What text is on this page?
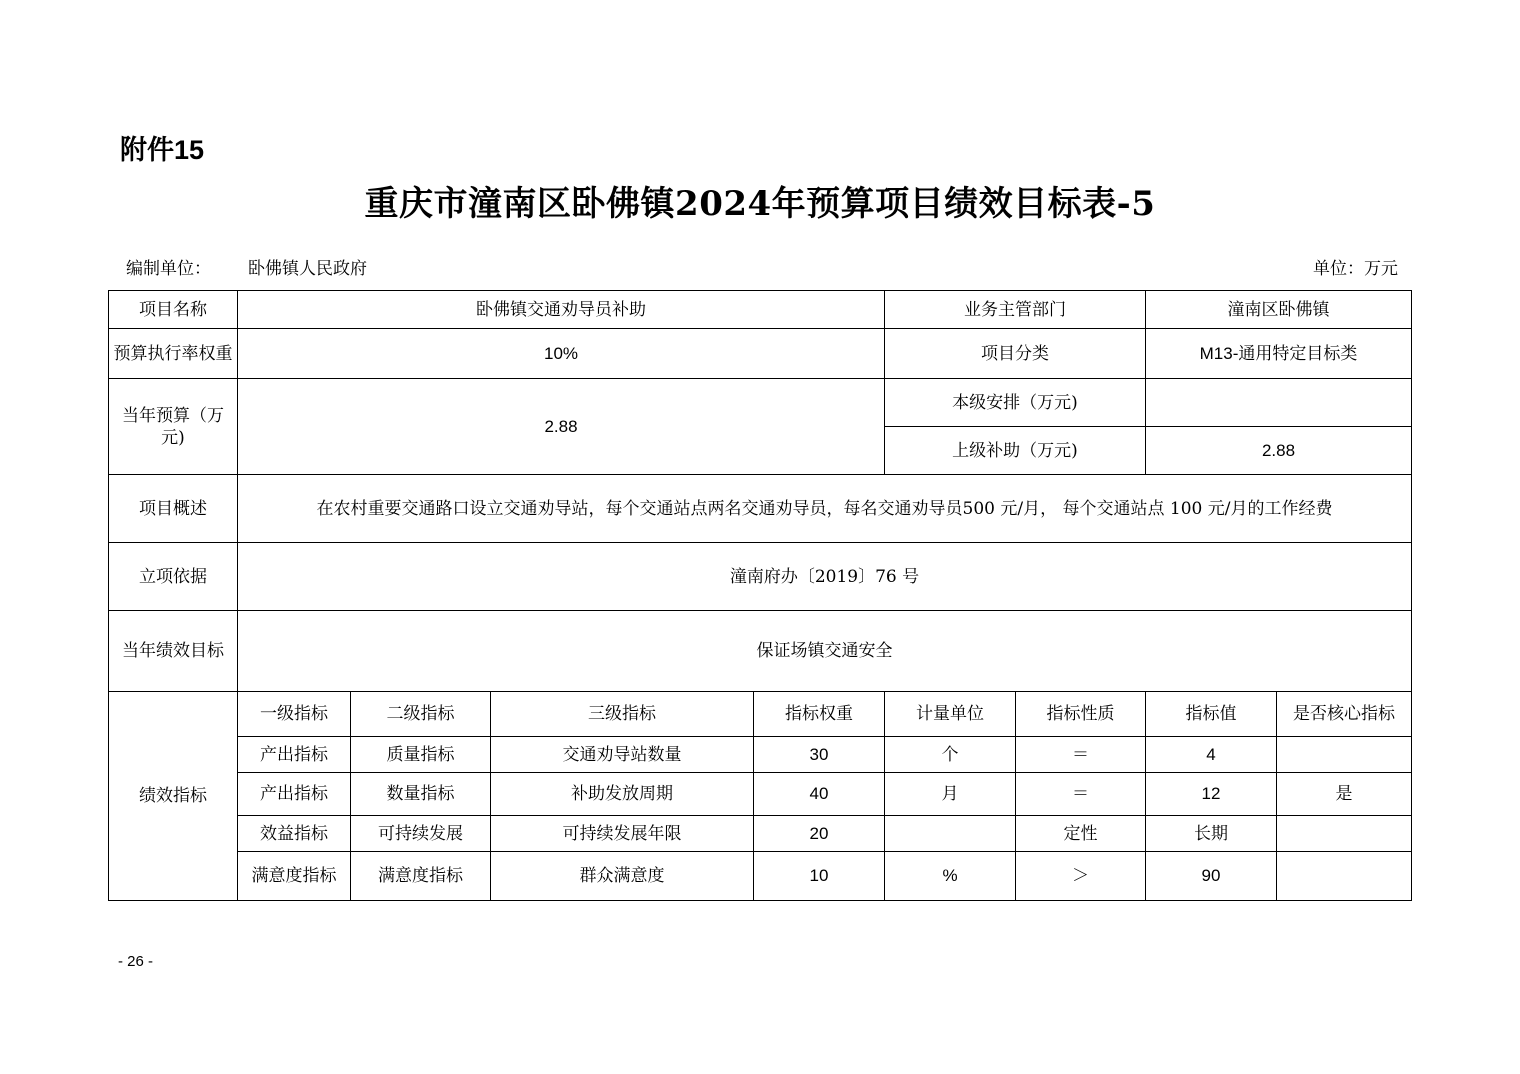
附件15
重庆市潼南区卧佛镇2024年预算项目绩效目标表-5
编制单位： 卧佛镇人民政府	单位：万元
项目名称	卧佛镇交通劝导员补助				业务主管部门		潼南区卧佛镇	
预算执行率权重	10%				项目分类		M13-通用特定目标类	
当年预算（万元)	2.88				本级安排（万元)			
					上级补助（万元)		2.88	
项目概述	在农村重要交通路口设立交通劝导站，每个交通站点两名交通劝导员，每名交通劝导员500 元/月， 每个交通站点 100 元/月的工作经费							
立项依据	潼南府办〔2019〕76 号							
当年绩效目标	保证场镇交通安全							
绩效指标	一级指标	二级指标	三级指标	指标权重	计量单位	指标性质	指标值	是否核心指标
	产出指标	质量指标	交通劝导站数量	30	个	＝	4	
	产出指标	数量指标	补助发放周期	40	月	＝	12	是
	效益指标	可持续发展	可持续发展年限	20		定性	长期	
	满意度指标	满意度指标	群众满意度	10	%	＞	90	
- 26 -
